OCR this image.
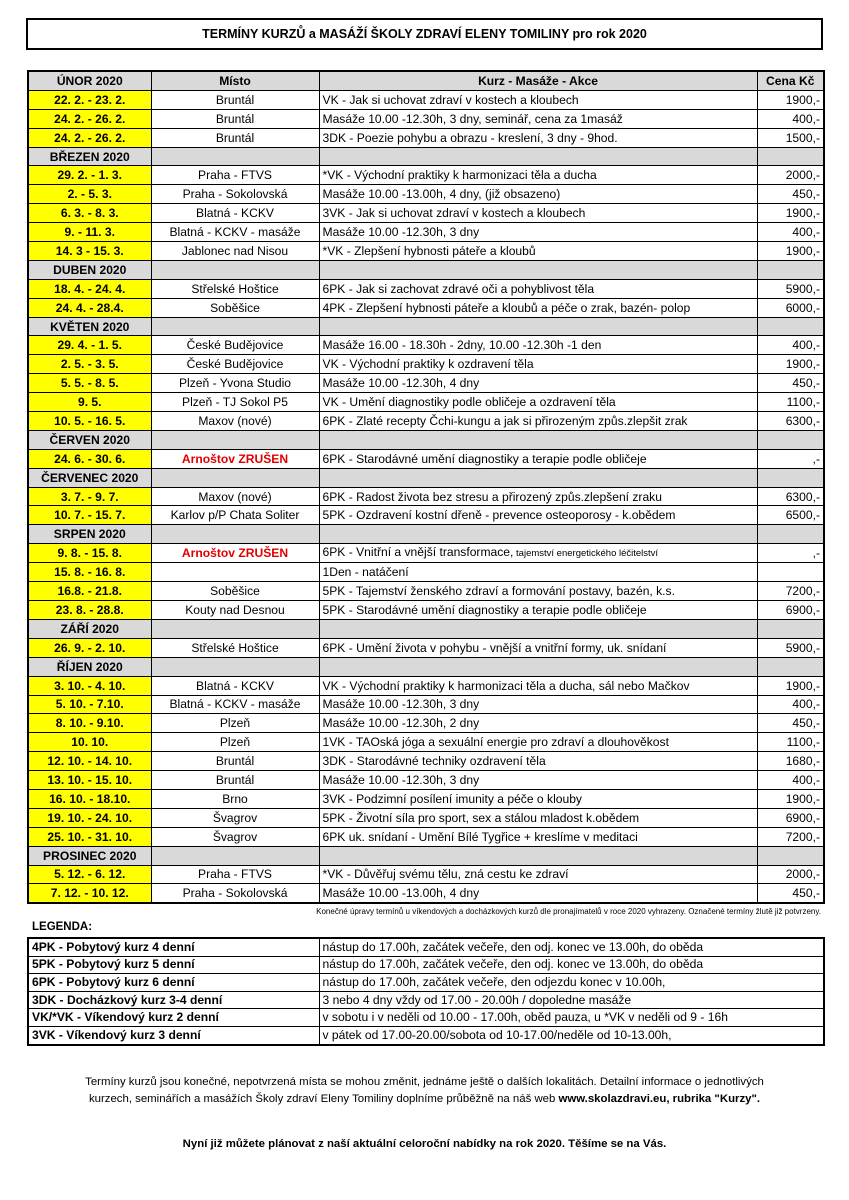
TERMÍNY KURZŮ a MASÁŽÍ ŠKOLY ZDRAVÍ ELENY TOMILINY pro rok 2020
ÚNOR 2020	Místo	Kurz - Masáže - Akce	Cena Kč
22. 2. - 23. 2.	Bruntál	VK - Jak si uchovat zdraví v kostech a kloubech	1900,-
24. 2. - 26. 2.	Bruntál	Masáže 10.00 -12.30h, 3 dny, seminář, cena za 1masáž	400,-
24. 2. - 26. 2.	Bruntál	3DK - Poezie pohybu a obrazu - kreslení, 3 dny - 9hod.	1500,-
BŘEZEN 2020			
29. 2. - 1. 3.	Praha - FTVS	*VK - Východní praktiky k harmonizaci těla a ducha	2000,-
2. - 5. 3.	Praha - Sokolovská	Masáže 10.00 -13.00h, 4 dny, (již obsazeno)	450,-
6. 3. - 8. 3.	Blatná - KCKV	3VK - Jak si uchovat zdraví v kostech a kloubech	1900,-
9. - 11. 3.	Blatná - KCKV - masáže	Masáže 10.00 -12.30h, 3 dny	400,-
14. 3 - 15. 3.	Jablonec nad Nisou	*VK - Zlepšení hybnosti páteře a kloubů	1900,-
DUBEN 2020			
18. 4. - 24. 4.	Střelské Hoštice	6PK - Jak si zachovat zdravé oči a pohyblivost těla	5900,-
24. 4. - 28.4.	Soběšice	4PK - Zlepšení hybnosti páteře a kloubů a péče o zrak, bazén- polop	6000,-
KVĚTEN 2020			
29. 4. - 1. 5.	České Budějovice	Masáže 16.00 - 18.30h - 2dny, 10.00 -12.30h -1 den	400,-
2. 5. - 3. 5.	České Budějovice	VK - Východní praktiky k ozdravení těla	1900,-
5. 5. - 8. 5.	Plzeň - Yvona Studio	Masáže 10.00 -12.30h, 4 dny	450,-
9. 5.	Plzeň - TJ Sokol P5	VK - Umění diagnostiky podle obličeje a ozdravení těla	1100,-
10. 5. - 16. 5.	Maxov (nové)	6PK - Zlaté recepty Čchi-kungu a jak si přirozeným způs.zlepšit zrak	6300,-
ČERVEN 2020			
24. 6. - 30. 6.	Arnoštov ZRUŠEN	6PK - Starodávné umění diagnostiky a terapie podle obličeje	,-
ČERVENEC 2020			
3. 7. - 9. 7.	Maxov (nové)	6PK - Radost života bez stresu a přirozený způs.zlepšení zraku	6300,-
10. 7. - 15. 7.	Karlov p/P Chata Soliter	5PK - Ozdravení kostní dřeně - prevence osteoporosy - k.obědem	6500,-
SRPEN 2020			
9. 8. - 15. 8.	Arnoštov ZRUŠEN	6PK - Vnitřní a vnější transformace, tajemství energetického léčitelství	,-
15. 8. - 16. 8.		1Den - natáčení	
16.8. - 21.8.	Soběšice	5PK - Tajemství ženského zdraví a formování postavy, bazén, k.s.	7200,-
23. 8. - 28.8.	Kouty nad Desnou	5PK - Starodávné umění diagnostiky a terapie podle obličeje	6900,-
ZÁŘÍ 2020			
26. 9. - 2. 10.	Střelské Hoštice	6PK - Umění života v pohybu - vnější a vnitřní formy, uk. snídaní	5900,-
ŘÍJEN 2020			
3. 10. - 4. 10.	Blatná - KCKV	VK - Východní praktiky k harmonizaci těla a ducha, sál nebo Mačkov	1900,-
5. 10. - 7.10.	Blatná - KCKV - masáže	Masáže 10.00 -12.30h, 3 dny	400,-
8. 10. - 9.10.	Plzeň	Masáže 10.00 -12.30h, 2 dny	450,-
10. 10.	Plzeň	1VK - TAOská jóga a sexuální energie pro zdraví a dlouhověkost	1100,-
12. 10. - 14. 10.	Bruntál	3DK - Starodávné techniky ozdravení těla	1680,-
13. 10. - 15. 10.	Bruntál	Masáže 10.00 -12.30h, 3 dny	400,-
16. 10. - 18.10.	Brno	3VK - Podzimní posílení imunity a péče o klouby	1900,-
19. 10. - 24. 10.	Švagrov	5PK - Životní síla pro sport, sex a stálou mladost k.obědem	6900,-
25. 10. - 31. 10.	Švagrov	6PK uk. snídaní - Umění Bílé Tygřice + kreslíme v meditaci	7200,-
PROSINEC 2020			
5. 12. - 6. 12.	Praha - FTVS	*VK - Důvěřuj svému tělu, zná cestu ke zdraví	2000,-
7. 12. - 10. 12.	Praha - Sokolovská	Masáže 10.00 -13.00h, 4 dny	450,-
Konečné úpravy termínů u víkendových a docházkových kurzů dle pronajímatelů v roce 2020 vyhrazeny. Označené termíny žlutě již potvrzeny.
LEGENDA:
4PK - Pobytový kurz 4 denní	nástup do 17.00h, začátek večeře, den odj. konec ve 13.00h, do oběda
5PK - Pobytový kurz 5 denní	nástup do 17.00h, začátek večeře, den odj. konec ve 13.00h, do oběda
6PK - Pobytový kurz 6 denní	nástup do 17.00h, začátek večeře, den odjezdu konec v 10.00h,
3DK - Docházkový kurz 3-4 denní	3 nebo 4 dny vždy od 17.00 - 20.00h / dopoledne masáže
VK/*VK - Víkendový kurz 2 denní	v sobotu i v neděli od 10.00 - 17.00h, oběd pauza, u *VK v neděli od 9 - 16h
3VK - Víkendový kurz 3 denní	v pátek od 17.00-20.00/sobota od 10-17.00/neděle od 10-13.00h,
Termíny kurzů jsou konečné, nepotvrzená místa se mohou změnit, jednáme ještě o dalších lokalitách. Detailní informace o jednotlivých
kurzech, seminářích a masážích Školy zdraví Eleny Tomiliny doplníme průběžně na náš web www.skolazdravi.eu, rubrika "Kurzy".
Nyní již můžete plánovat z naší aktuální celoroční nabídky na rok 2020. Těšíme se na Vás.
